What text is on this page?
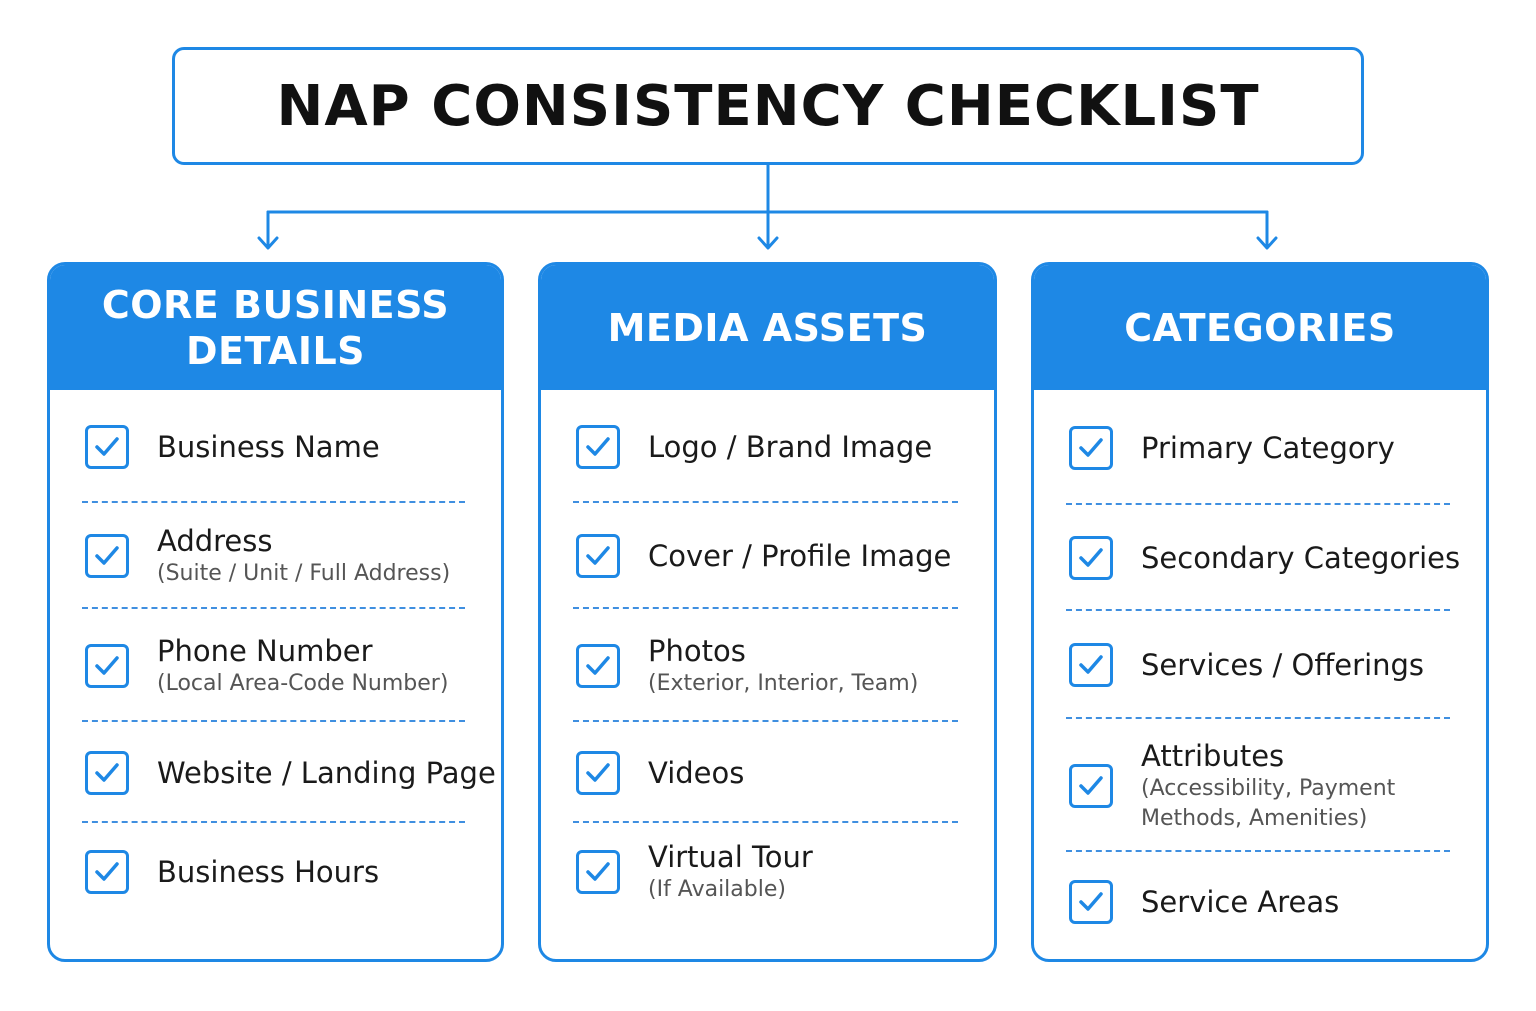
NAP CONSISTENCY CHECKLIST
CORE BUSINESS DETAILS
Business Name
Address
(Suite / Unit / Full Address)
Phone Number
(Local Area-Code Number)
Website / Landing Page
Business Hours
MEDIA ASSETS
Logo / Brand Image
Cover / Profile Image
Photos
(Exterior, Interior, Team)
Videos
Virtual Tour
(If Available)
CATEGORIES
Primary Category
Secondary Categories
Services / Offerings
Attributes
(Accessibility, Payment Methods, Amenities)
Service Areas
